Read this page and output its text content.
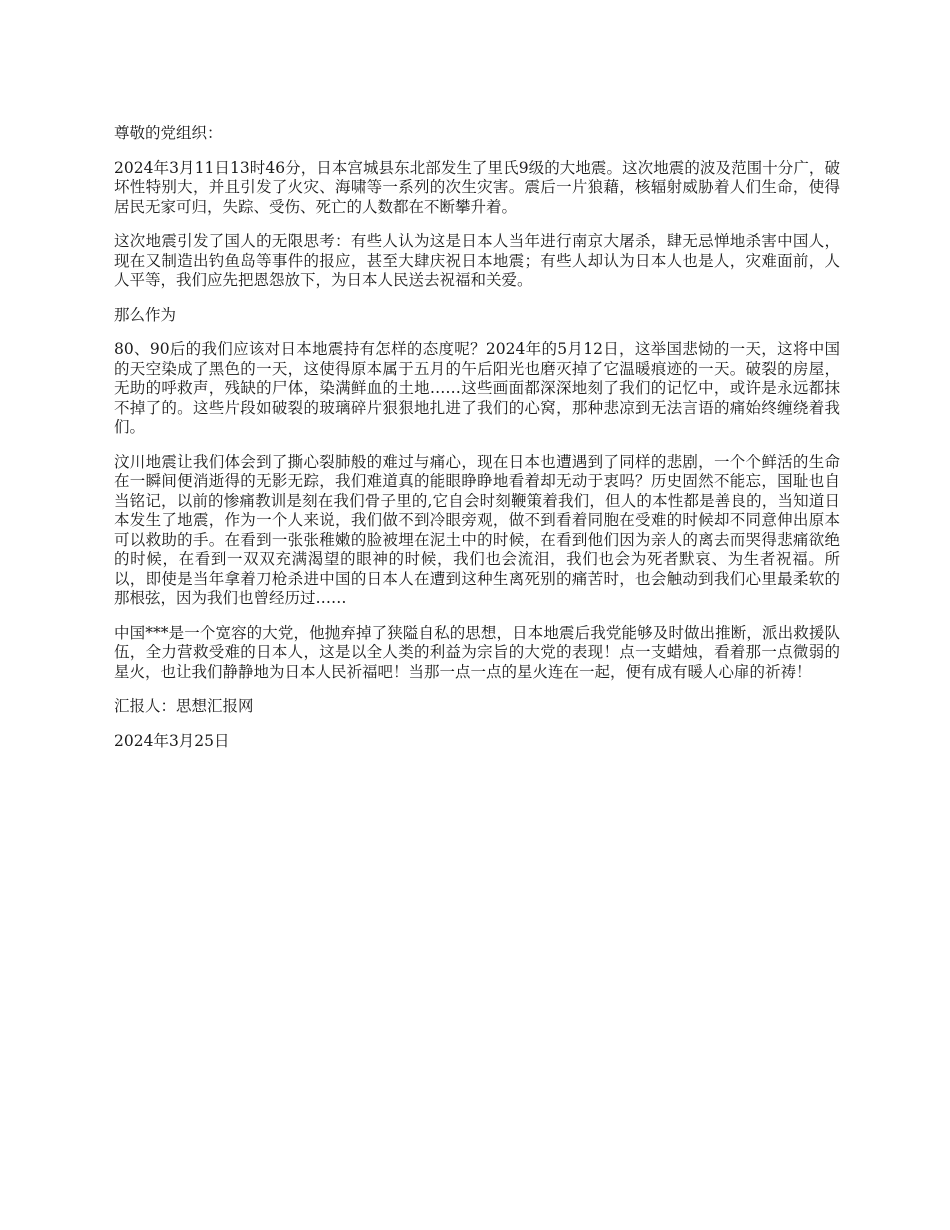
尊敬的党组织：

2024年3月11日13时46分，日本宫城县东北部发生了里氏9级的大地震。这次地震的波及范围十分广，破坏性特别大，并且引发了火灾、海啸等一系列的次生灾害。震后一片狼藉，核辐射威胁着人们生命，使得居民无家可归，失踪、受伤、死亡的人数都在不断攀升着。

这次地震引发了国人的无限思考：有些人认为这是日本人当年进行南京大屠杀，肆无忌惮地杀害中国人，现在又制造出钓鱼岛等事件的报应，甚至大肆庆祝日本地震；有些人却认为日本人也是人，灾难面前，人人平等，我们应先把恩怨放下，为日本人民送去祝福和关爱。

那么作为

80、90后的我们应该对日本地震持有怎样的态度呢？2024年的5月12日，这举国悲恸的一天，这将中国的天空染成了黑色的一天，这使得原本属于五月的午后阳光也磨灭掉了它温暖痕迹的一天。破裂的房屋，无助的呼救声，残缺的尸体，染满鲜血的土地……这些画面都深深地刻了我们的记忆中，或许是永远都抹不掉了的。这些片段如破裂的玻璃碎片狠狠地扎进了我们的心窝，那种悲凉到无法言语的痛始终缠绕着我们。

汶川地震让我们体会到了撕心裂肺般的难过与痛心，现在日本也遭遇到了同样的悲剧，一个个鲜活的生命在一瞬间便消逝得的无影无踪，我们难道真的能眼睁睁地看着却无动于衷吗？历史固然不能忘，国耻也自当铭记，以前的惨痛教训是刻在我们骨子里的,它自会时刻鞭策着我们，但人的本性都是善良的，当知道日本发生了地震，作为一个人来说，我们做不到冷眼旁观，做不到看着同胞在受难的时候却不同意伸出原本可以救助的手。在看到一张张稚嫩的脸被埋在泥土中的时候，在看到他们因为亲人的离去而哭得悲痛欲绝的时候，在看到一双双充满渴望的眼神的时候，我们也会流泪，我们也会为死者默哀、为生者祝福。所以，即使是当年拿着刀枪杀进中国的日本人在遭到这种生离死别的痛苦时，也会触动到我们心里最柔软的那根弦，因为我们也曾经历过……

中国***是一个宽容的大党，他抛弃掉了狭隘自私的思想，日本地震后我党能够及时做出推断，派出救援队伍，全力营救受难的日本人，这是以全人类的利益为宗旨的大党的表现！点一支蜡烛，看着那一点微弱的星火，也让我们静静地为日本人民祈福吧！当那一点一点的星火连在一起，便有成有暖人心扉的祈祷！

汇报人：思想汇报网

2024年3月25日
